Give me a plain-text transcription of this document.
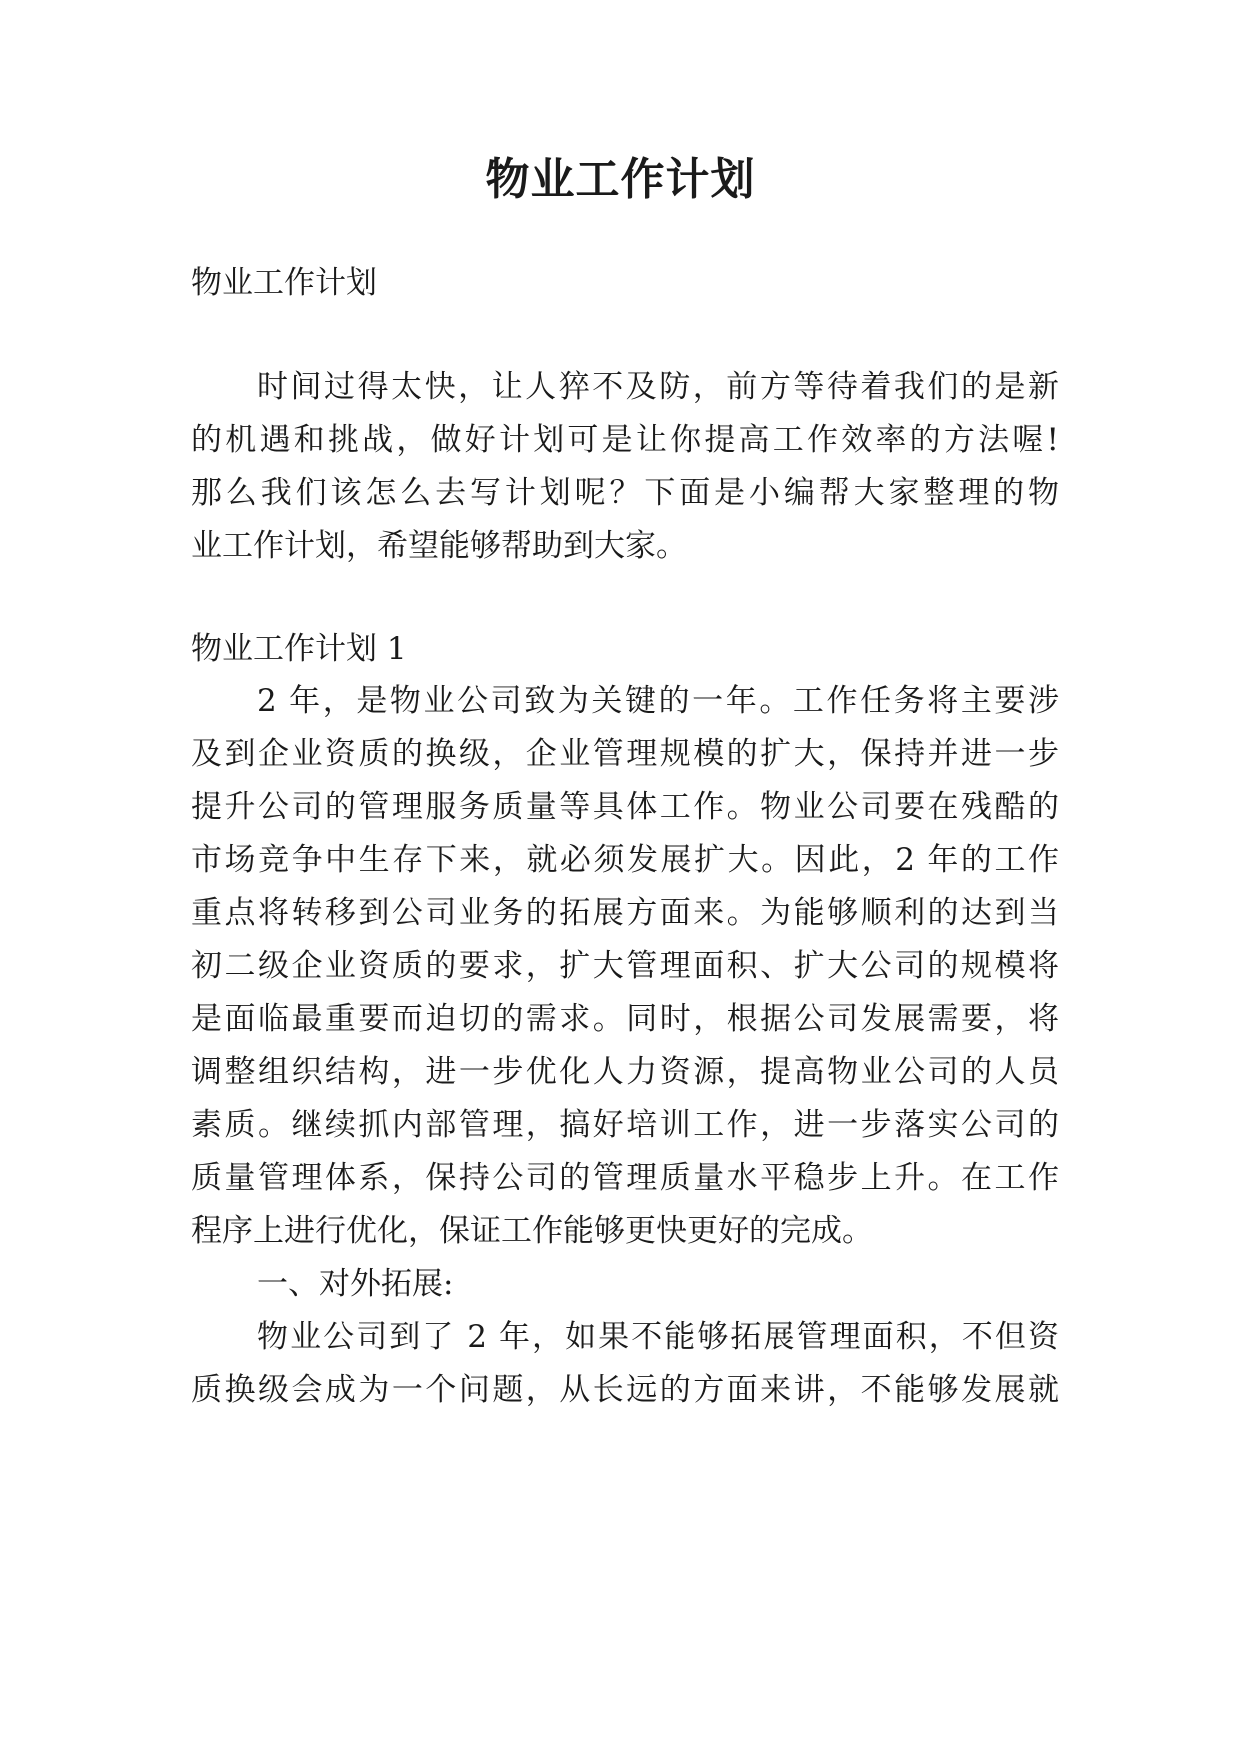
物业工作计划
物业工作计划
时间过得太快，让人猝不及防，前方等待着我们的是新
的机遇和挑战，做好计划可是让你提高工作效率的方法喔!
那么我们该怎么去写计划呢？下面是小编帮大家整理的物
业工作计划，希望能够帮助到大家。
物业工作计划 1
2 年，是物业公司致为关键的一年。工作任务将主要涉
及到企业资质的换级，企业管理规模的扩大，保持并进一步
提升公司的管理服务质量等具体工作。物业公司要在残酷的
市场竞争中生存下来，就必须发展扩大。因此，2 年的工作
重点将转移到公司业务的拓展方面来。为能够顺利的达到当
初二级企业资质的要求，扩大管理面积、扩大公司的规模将
是面临最重要而迫切的需求。同时，根据公司发展需要，将
调整组织结构，进一步优化人力资源，提高物业公司的人员
素质。继续抓内部管理，搞好培训工作，进一步落实公司的
质量管理体系，保持公司的管理质量水平稳步上升。在工作
程序上进行优化，保证工作能够更快更好的完成。
一、对外拓展:
物业公司到了 2 年，如果不能够拓展管理面积，不但资
质换级会成为一个问题，从长远的方面来讲，不能够发展就
